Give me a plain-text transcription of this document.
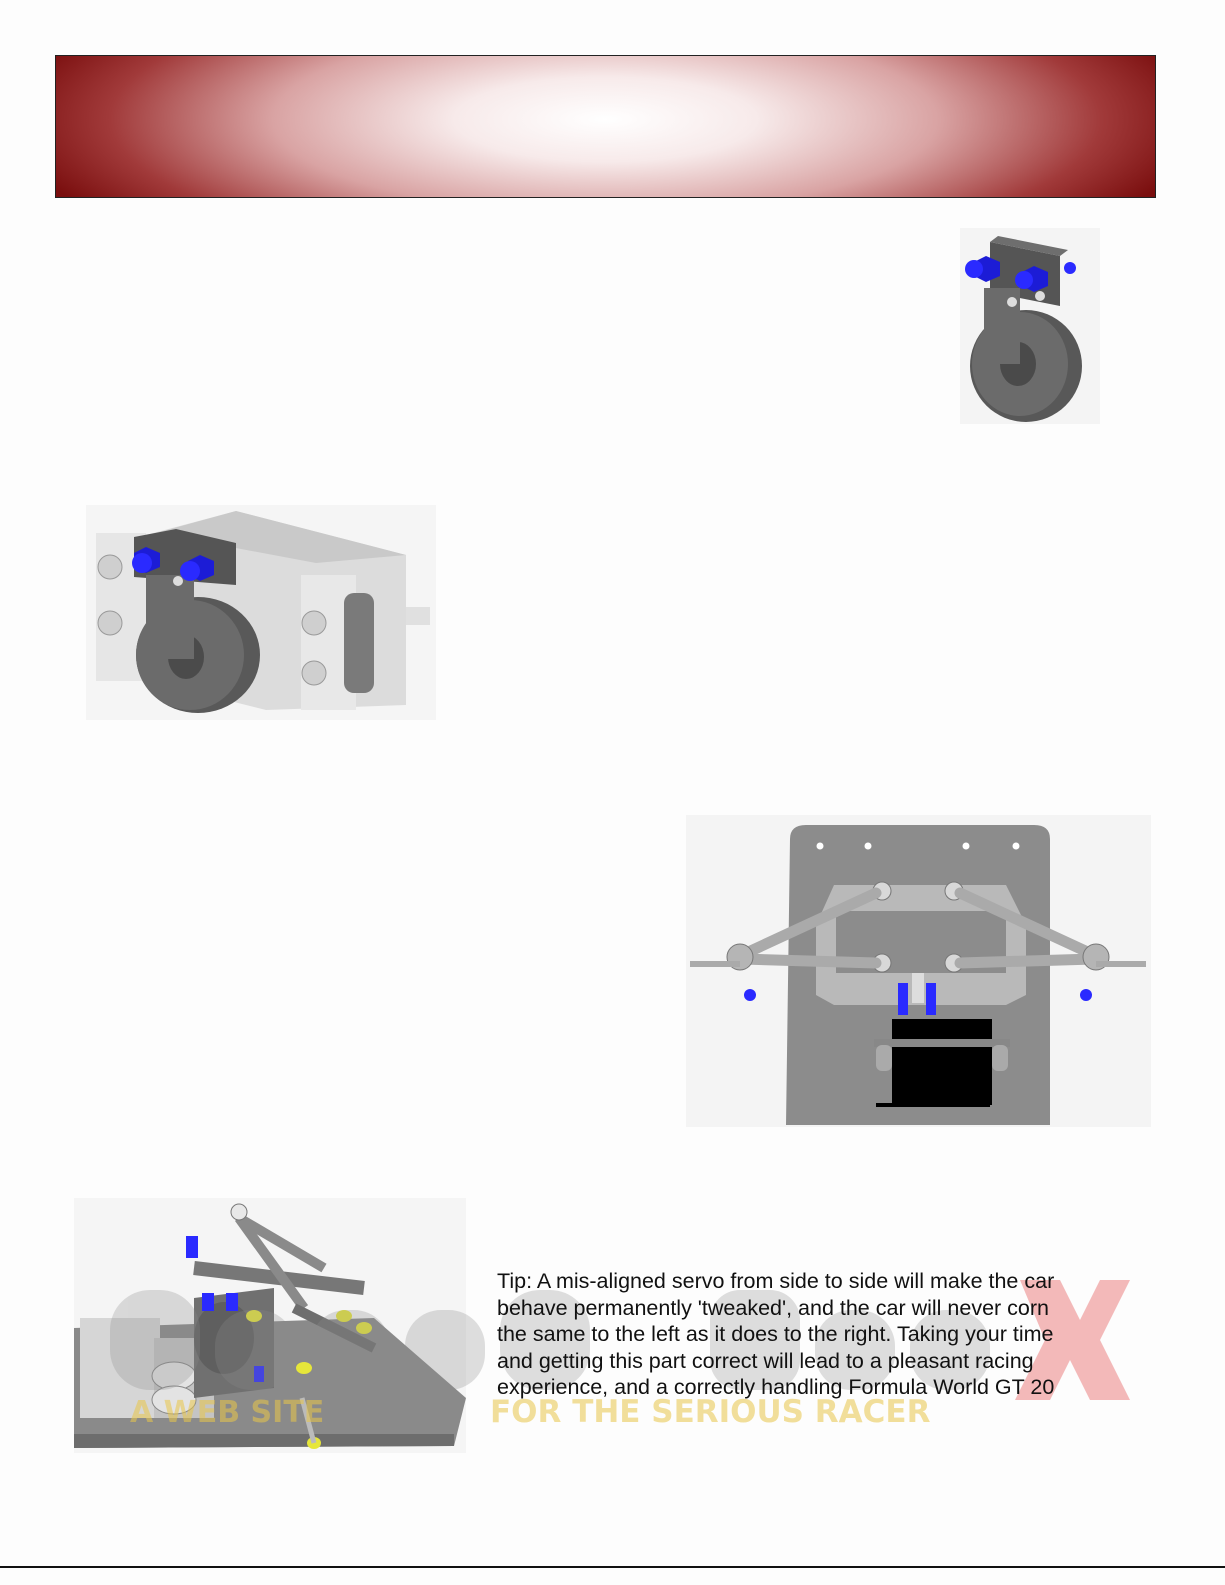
A WEB SITE	FOR THE SERIOUS RACER
Tip: A mis-aligned servo from side to side will make the car
behave permanently 'tweaked', and the car will never corn
the same to the left as it does to the right. Taking your time
and getting this part correct will lead to a pleasant racing
experience, and a correctly handling Formula World GT 20
